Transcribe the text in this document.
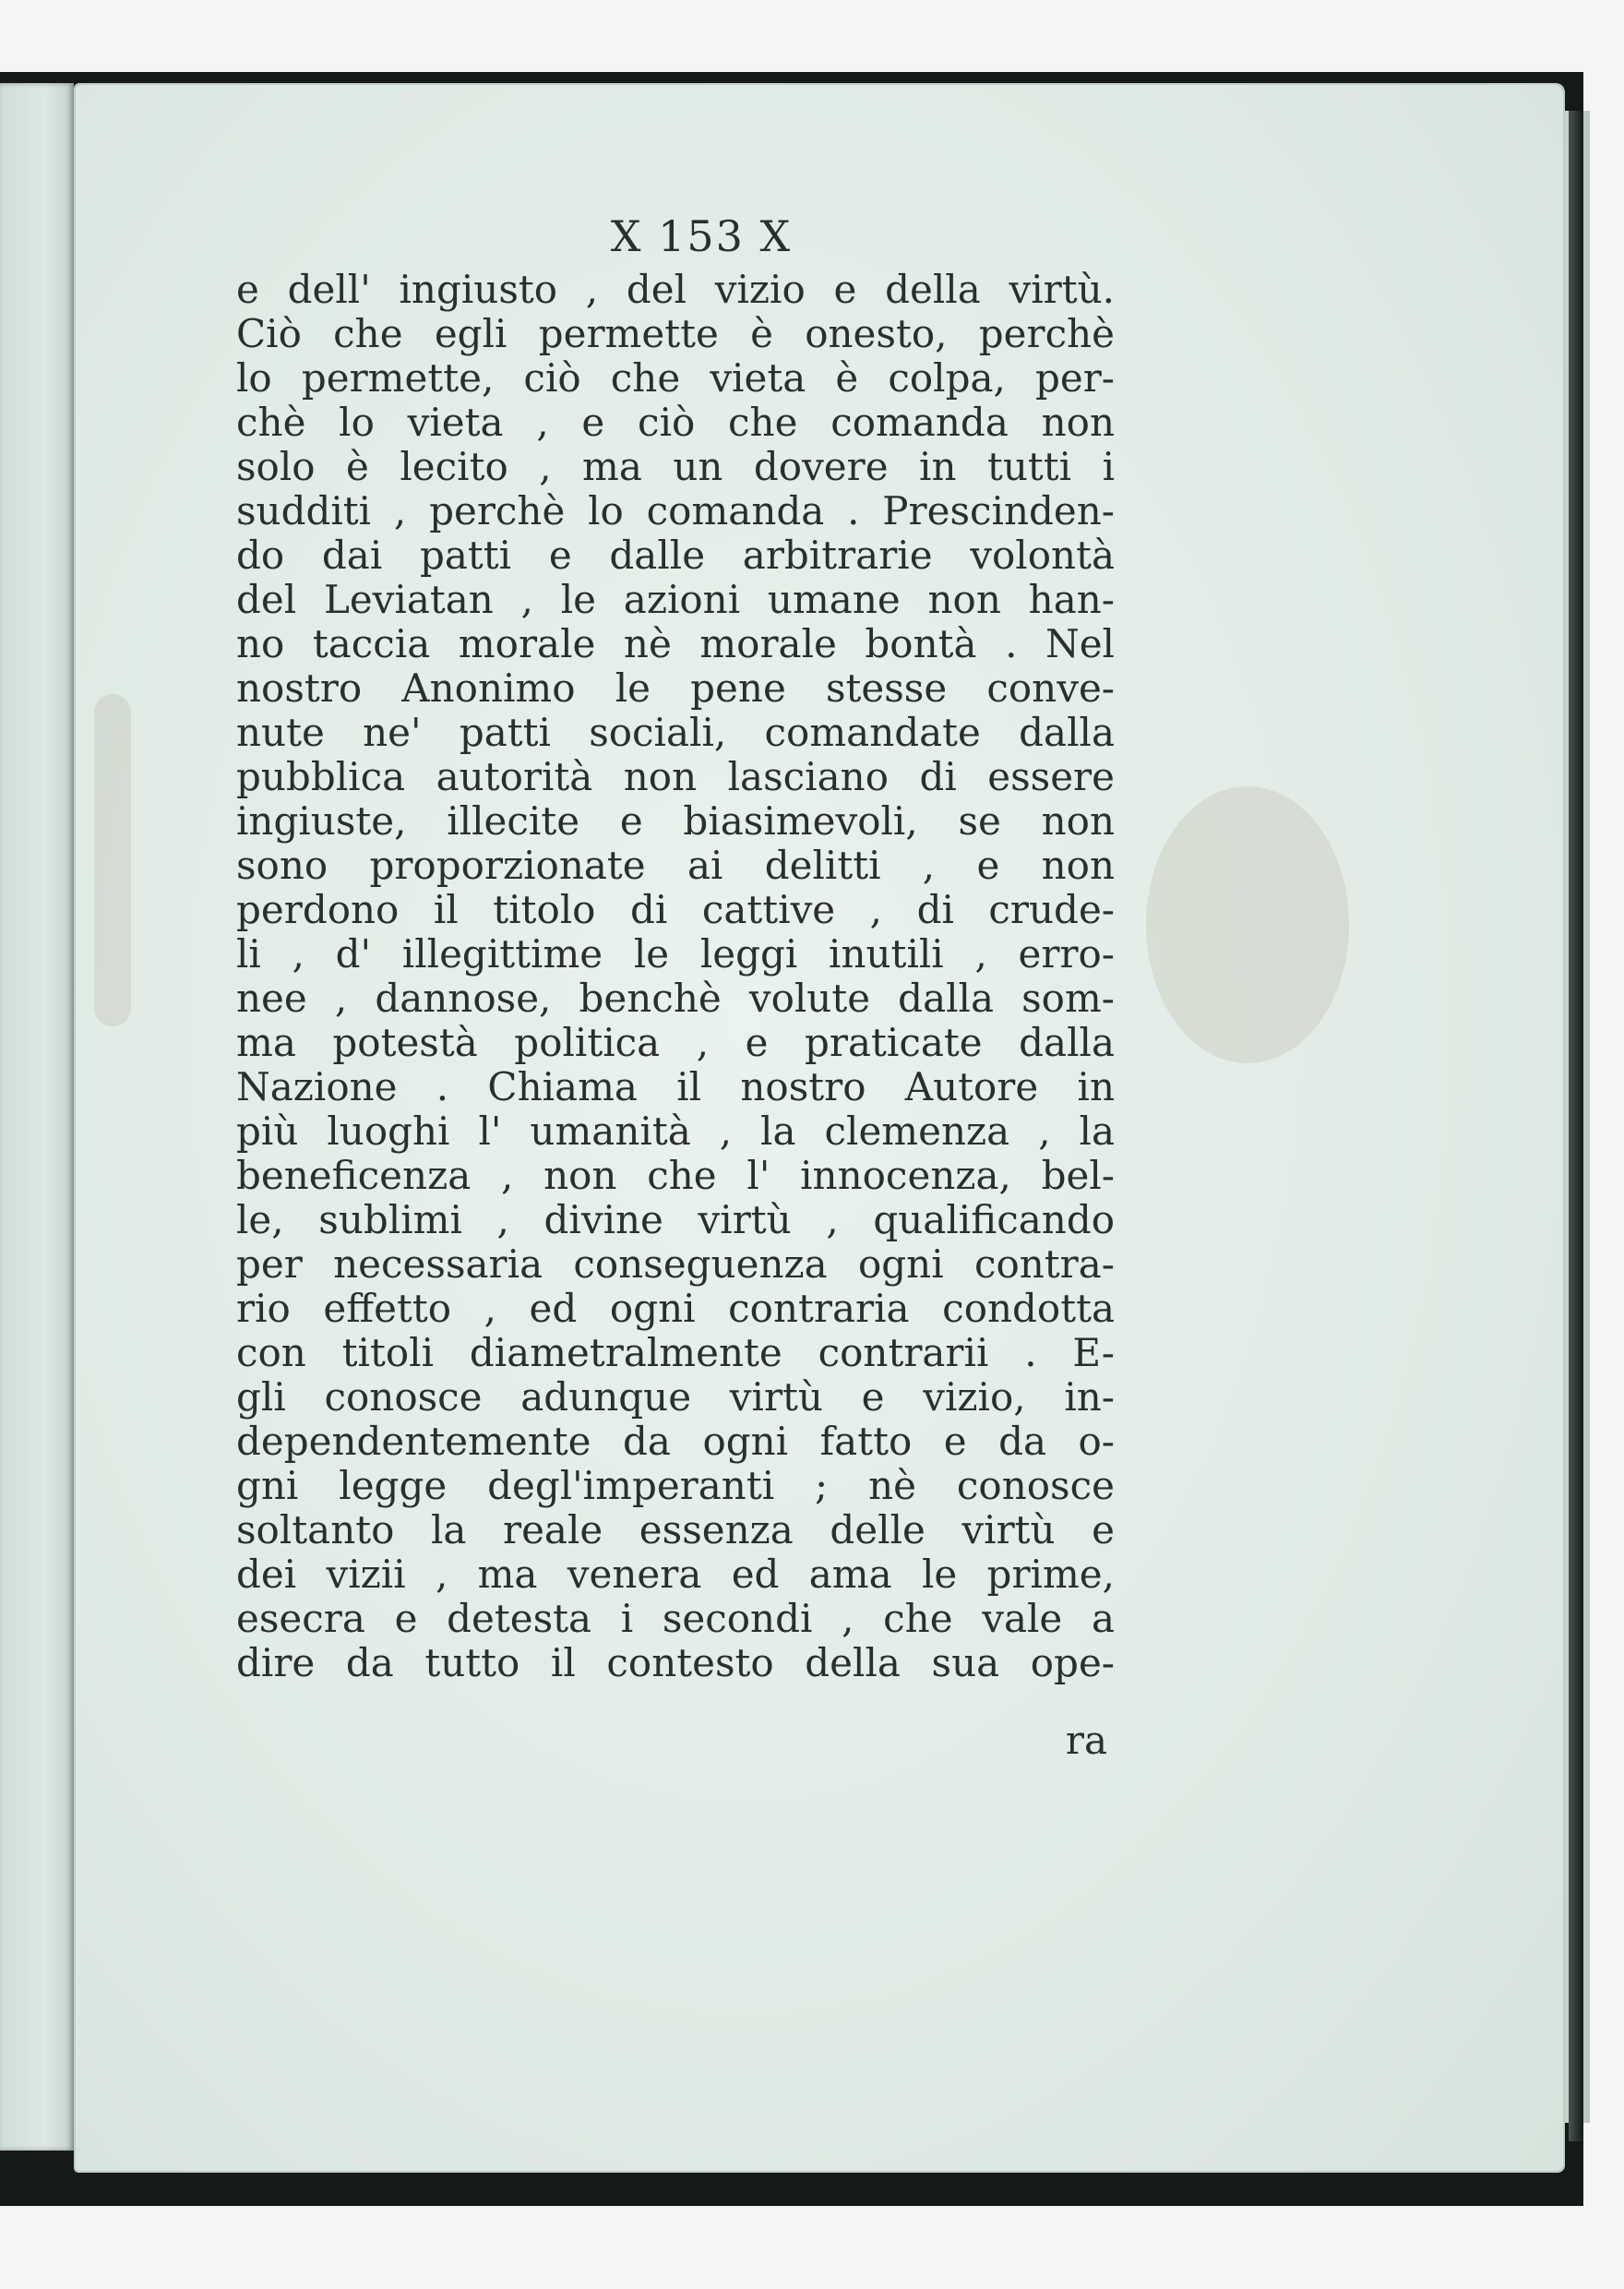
X 153 X
e dell' ingiusto , del vizio e della virtù.
Ciò che egli permette è onesto, perchè
lo permette, ciò che vieta è colpa, per-
chè lo vieta , e ciò che comanda non
solo è lecito , ma un dovere in tutti i
sudditi , perchè lo comanda . Prescinden-
do dai patti e dalle arbitrarie volontà
del Leviatan , le azioni umane non han-
no taccia morale nè morale bontà . Nel
nostro Anonimo le pene stesse conve-
nute ne' patti sociali, comandate dalla
pubblica autorità non lasciano di essere
ingiuste, illecite e biasimevoli, se non
sono proporzionate ai delitti , e non
perdono il titolo di cattive , di crude-
li , d' illegittime le leggi inutili , erro-
nee , dannose, benchè volute dalla som-
ma potestà politica , e praticate dalla
Nazione . Chiama il nostro Autore in
più luoghi l' umanità , la clemenza , la
beneficenza , non che l' innocenza, bel-
le, sublimi , divine virtù , qualificando
per necessaria conseguenza ogni contra-
rio effetto , ed ogni contraria condotta
con titoli diametralmente contrarii . E-
gli conosce adunque virtù e vizio, in-
dependentemente da ogni fatto e da o-
gni legge degl'imperanti ; nè conosce
soltanto la reale essenza delle virtù e
dei vizii , ma venera ed ama le prime,
esecra e detesta i secondi , che vale a
dire da tutto il contesto della sua ope-
ra
